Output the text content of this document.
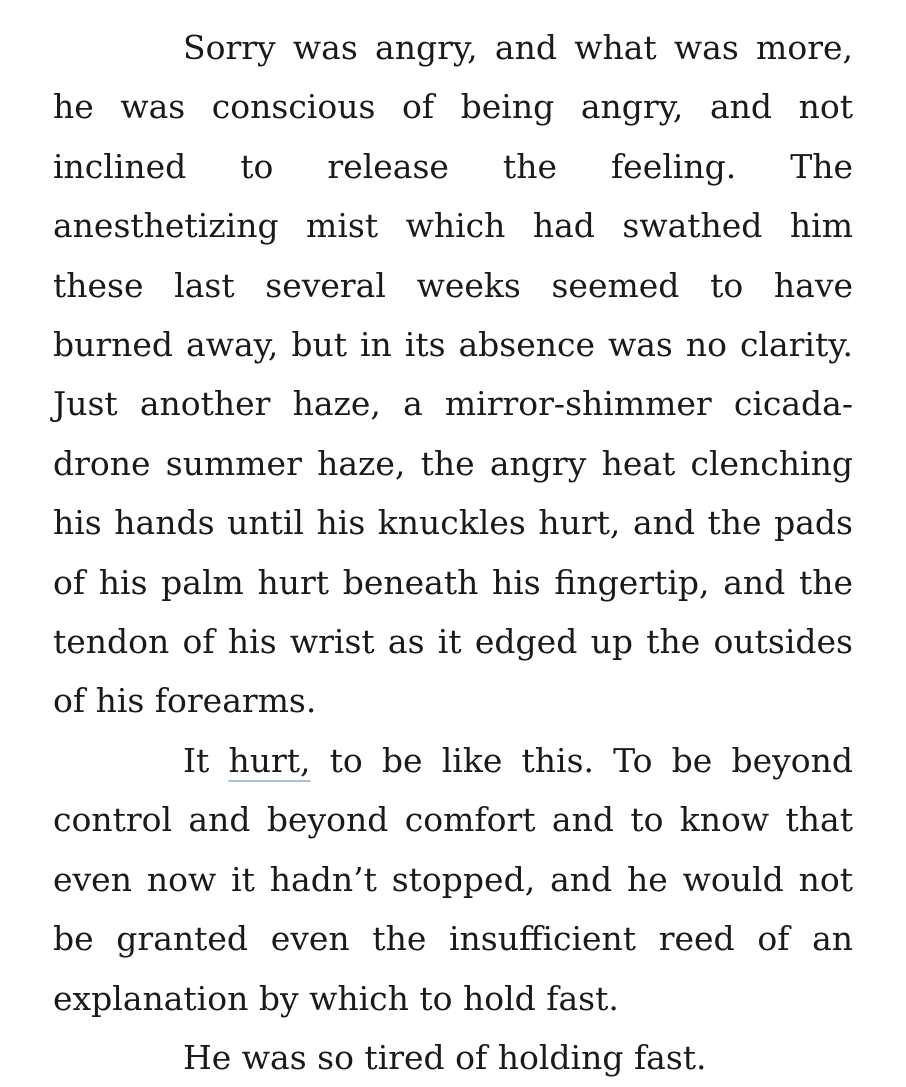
Sorry was angry, and what was more, he was conscious of being angry, and not inclined to release the feeling. The anesthetizing mist which had swathed him these last several weeks seemed to have burned away, but in its absence was no clarity. Just another haze, a mirror-shimmer cicada-drone summer haze, the angry heat clenching his hands until his knuckles hurt, and the pads of his palm hurt beneath his fingertip, and the tendon of his wrist as it edged up the outsides of his forearms.

It hurt, to be like this. To be beyond control and beyond comfort and to know that even now it hadn’t stopped, and he would not be granted even the insufficient reed of an explanation by which to hold fast.

He was so tired of holding fast.
